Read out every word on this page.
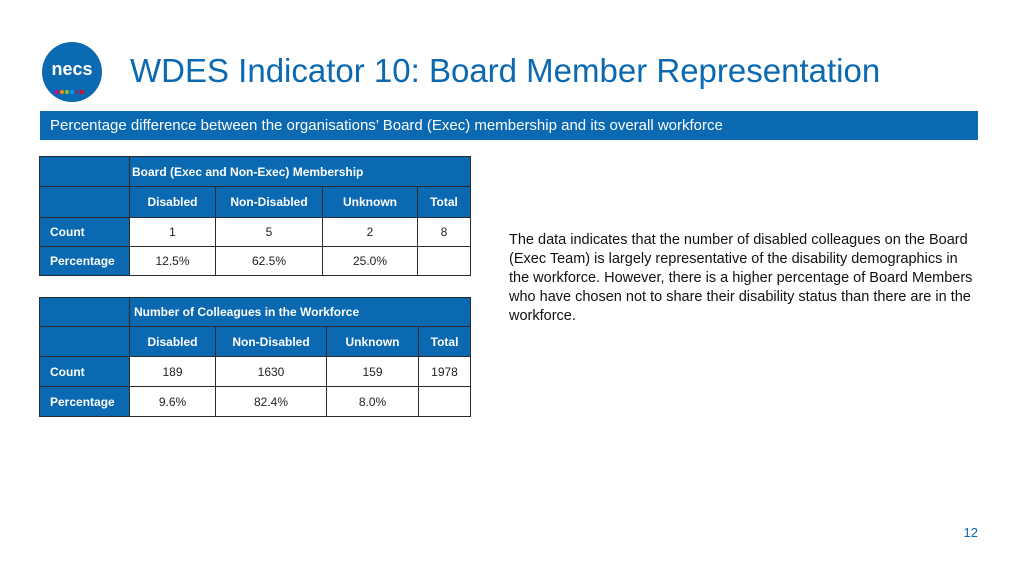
necs WDES Indicator 10: Board Member Representation
Percentage difference between the organisations’ Board (Exec) membership and its overall workforce
	Board (Exec and Non-Exec) Membership			
	Disabled	Non-Disabled	Unknown	Total
Count	1	5	2	8
Percentage	12.5%	62.5%	25.0%	
	Number of Colleagues in the Workforce			
	Disabled	Non-Disabled	Unknown	Total
Count	189	1630	159	1978
Percentage	9.6%	82.4%	8.0%	
The data indicates that the number of disabled colleagues on the Board (Exec Team) is largely representative of the disability demographics in the workforce. However, there is a higher percentage of Board Members who have chosen not to share their disability status than there are in the workforce.
12
